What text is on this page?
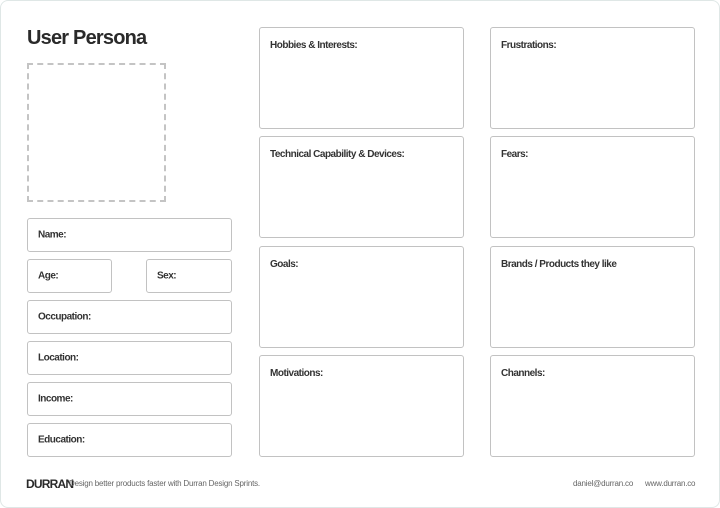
User Persona
Name:
Age:	Sex:
Occupation:
Location:
Income:
Education:
Hobbies & Interests:
Technical Capability & Devices:
Goals:
Motivations:
Frustrations:
Fears:
Brands / Products they like
Channels:
DURRAN
Design better products faster with Durran Design Sprints.	daniel@durran.co www.durran.co
